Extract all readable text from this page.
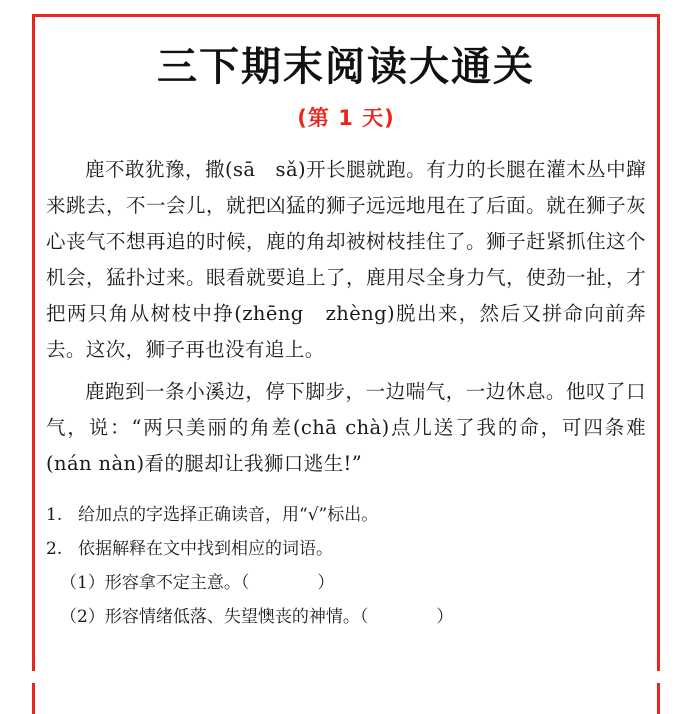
三下期末阅读大通关
(第 1 天)

鹿不敢犹豫，撒(sā　sǎ)开长腿就跑。有力的长腿在灌木丛中蹿来跳去，不一会儿，就把凶猛的狮子远远地甩在了后面。就在狮子灰心丧气不想再追的时候，鹿的角却被树枝挂住了。狮子赶紧抓住这个机会，猛扑过来。眼看就要追上了，鹿用尽全身力气，使劲一扯，才把两只角从树枝中挣(zhēng　zhèng)脱出来，然后又拼命向前奔去。这次，狮子再也没有追上。

鹿跑到一条小溪边，停下脚步，一边喘气，一边休息。他叹了口气，说：“两只美丽的角差(chā chà)点儿送了我的命，可四条难(nán nàn)看的腿却让我狮口逃生!”

1. 给加点的字选择正确读音，用“√”标出。
2. 依据解释在文中找到相应的词语。
（1）形容拿不定主意。（　　　　）
（2）形容情绪低落、失望懊丧的神情。（　　　　）
